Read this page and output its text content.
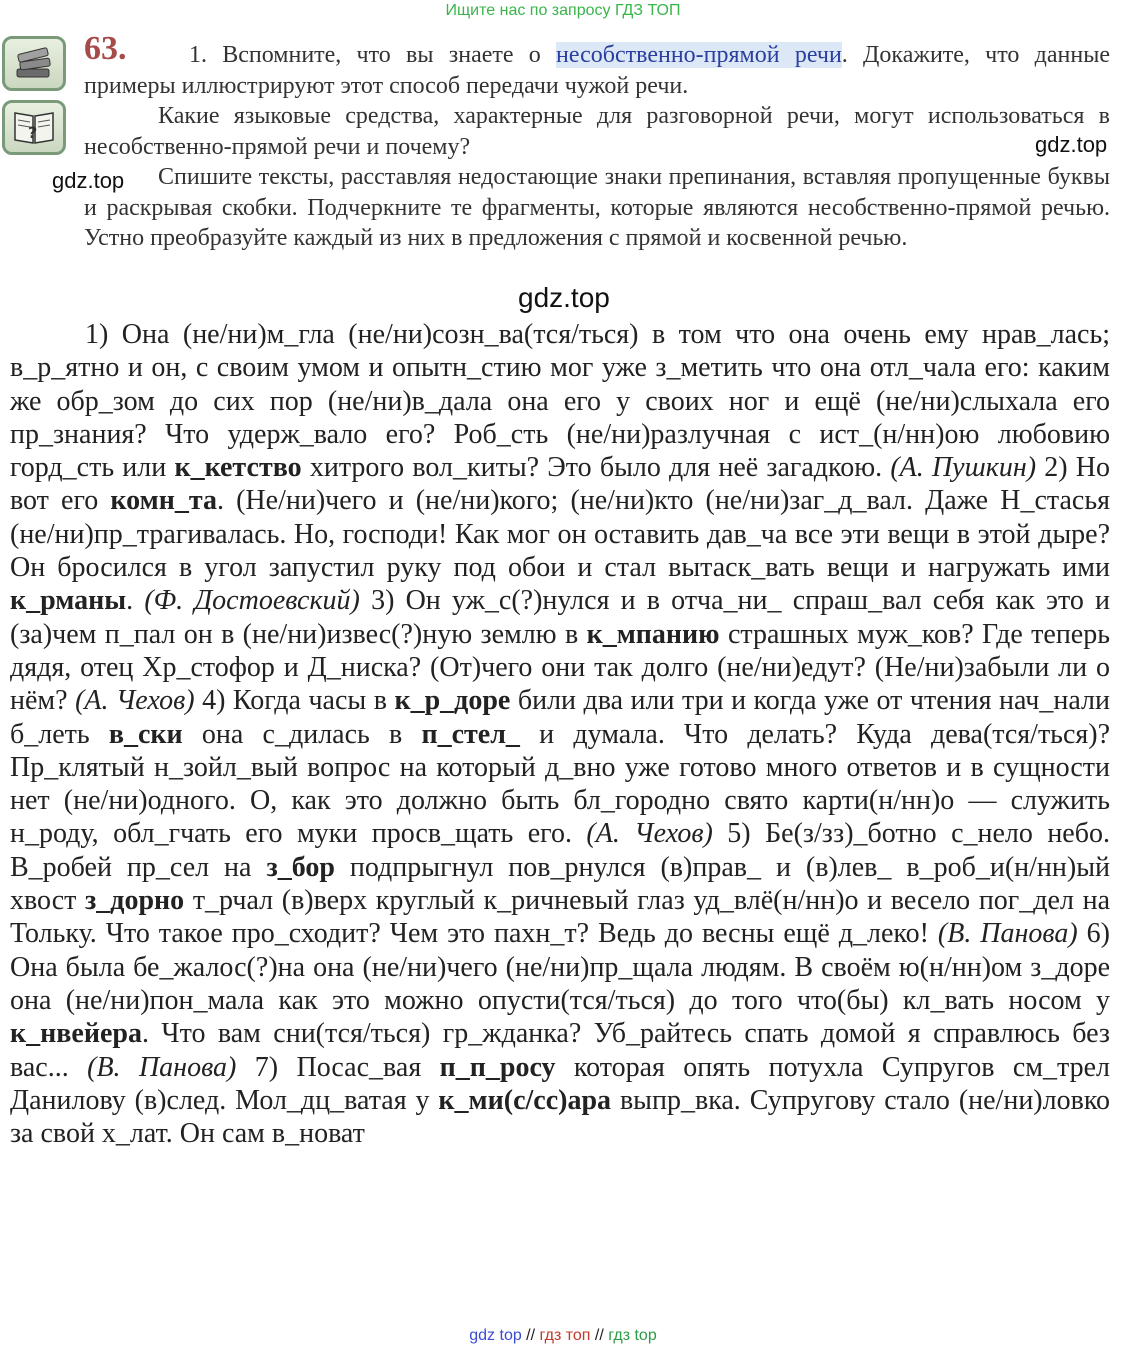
Ищите нас по запросу ГДЗ ТОП
?
63.	1. Вспомните, что вы знаете о несобственно-прямой речи. Докажите, что данные примеры иллюстрируют этот способ передачи чужой речи.

Какие языковые средства, характерные для разговорной речи, могут использоваться в несобственно-прямой речи и почему?

Спишите тексты, расставляя недостающие знаки препинания, вставляя пропущенные буквы и раскрывая скобки. Подчеркните те фрагменты, которые являются несобственно-прямой речью. Устно преобразуйте каждый из них в предложения с прямой и косвенной речью.

gdz.top
gdz.top
gdz.top

1) Она (не/ни)м_гла (не/ни)созн_ва(тся/ться) в том что она очень ему нрав_лась; в_р_ятно и он, с своим умом и опытн_стию мог уже з_метить что она отл_чала его: каким же обр_зом до сих пор (не/ни)в_дала она его у своих ног и ещё (не/ни)слыхала его пр_знания? Что удерж_вало его? Роб_сть (не/ни)разлучная с ист_(н/нн)ою любовию горд_сть или к_кетство хитрого вол_киты? Это было для неё загадкою. (А. Пушкин) 2) Но вот его комн_та. (Не/ни)чего и (не/ни)кого; (не/ни)кто (не/ни)заг_д_вал. Даже Н_стасья (не/ни)пр_трагивалась. Но, господи! Как мог он оставить дав_ча все эти вещи в этой дыре? Он бросился в угол запустил руку под обои и стал вытаск_вать вещи и нагружать ими к_рманы. (Ф. Достоевский) 3) Он уж_с(?)нулся и в отча_ни_ спраш_вал себя как это и (за)чем п_пал он в (не/ни)извес(?)ную землю в к_мпанию страшных муж_ков? Где теперь дядя, отец Хр_стофор и Д_ниска? (От)чего они так долго (не/ни)едут? (Не/ни)забыли ли о нём? (А. Чехов) 4) Когда часы в к_р_доре били два или три и когда уже от чтения нач_нали б_леть в_ски она с_дилась в п_стел_ и думала. Что делать? Куда дева(тся/ться)? Пр_клятый н_зойл_вый вопрос на который д_вно уже готово много ответов и в сущности нет (не/ни)одного. О, как это должно быть бл_городно свято карти(н/нн)о — служить н_роду, обл_гчать его муки просв_щать его. (А. Чехов) 5) Бе(з/зз)_ботно с_нело небо. В_робей пр_сел на з_бор подпрыгнул пов_рнулся (в)прав_ и (в)лев_ в_роб_и(н/нн)ый хвост з_дорно т_рчал (в)верх круглый к_ричневый глаз уд_влё(н/нн)о и весело пог_дел на Тольку. Что такое про_сходит? Чем это пахн_т? Ведь до весны ещё д_леко! (В. Панова) 6) Она была бе_жалос(?)на она (не/ни)чего (не/ни)пр_щала людям. В своём ю(н/нн)ом з_доре она (не/ни)пон_мала как это можно опусти(тся/ться) до того что(бы) кл_вать носом у к_нвейера. Что вам сни(тся/ться) гр_жданка? Уб_райтесь спать домой я справлюсь без вас... (В. Панова) 7) Посас_вая п_п_росу которая опять потухла Супругов см_трел Данилову (в)след. Мол_дц_ватая у к_ми(с/сс)ара выпр_вка. Супругову стало (не/ни)ловко за свой х_лат. Он сам в_новат

gdz top // гдз топ // гдз top
